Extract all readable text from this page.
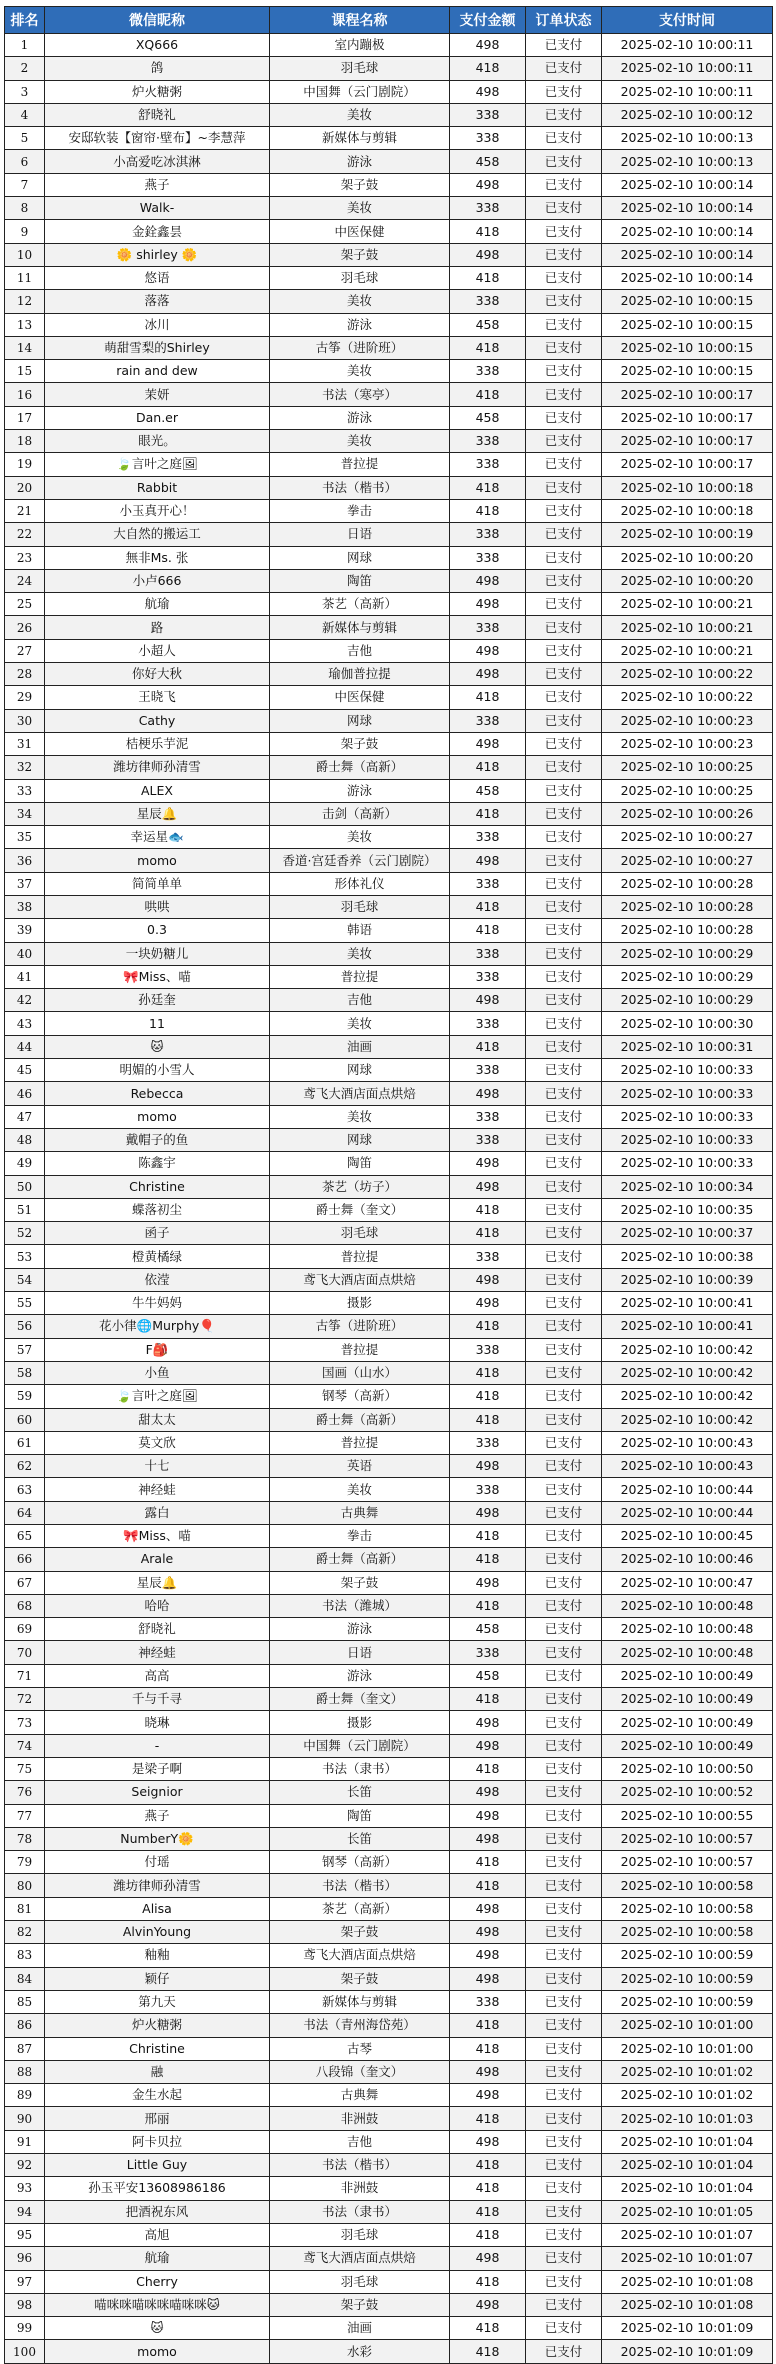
排名	微信昵称	课程名称	支付金额	订单状态	支付时间
1	XQ666	室内蹦极	498	已支付	2025-02-10 10:00:11
2	鸽	羽毛球	418	已支付	2025-02-10 10:00:11
3	炉火糖粥	中国舞（云门剧院）	498	已支付	2025-02-10 10:00:11
4	舒晓礼	美妆	338	已支付	2025-02-10 10:00:12
5	安邸软装【窗帘·壁布】~李慧萍	新媒体与剪辑	338	已支付	2025-02-10 10:00:13
6	小高爱吃冰淇淋	游泳	458	已支付	2025-02-10 10:00:13
7	燕子	架子鼓	498	已支付	2025-02-10 10:00:14
8	Walk-	美妆	338	已支付	2025-02-10 10:00:14
9	金銓鑫昙	中医保健	418	已支付	2025-02-10 10:00:14
10	🌼 shirley 🌼	架子鼓	498	已支付	2025-02-10 10:00:14
11	悠语	羽毛球	418	已支付	2025-02-10 10:00:14
12	落落	美妆	338	已支付	2025-02-10 10:00:15
13	冰川	游泳	458	已支付	2025-02-10 10:00:15
14	萌甜雪梨的Shirley	古筝（进阶班）	418	已支付	2025-02-10 10:00:15
15	rain and dew	美妆	338	已支付	2025-02-10 10:00:15
16	茉妍	书法（寒亭）	418	已支付	2025-02-10 10:00:17
17	Dan.er	游泳	458	已支付	2025-02-10 10:00:17
18	眼光。	美妆	338	已支付	2025-02-10 10:00:17
19	🍃言叶之庭🖼	普拉提	338	已支付	2025-02-10 10:00:17
20	Rabbit	书法（楷书）	418	已支付	2025-02-10 10:00:18
21	小玉真开心！	拳击	418	已支付	2025-02-10 10:00:18
22	大自然的搬运工	日语	338	已支付	2025-02-10 10:00:19
23	無非Ms. 张	网球	338	已支付	2025-02-10 10:00:20
24	小卢666	陶笛	498	已支付	2025-02-10 10:00:20
25	航瑜	茶艺（高新）	498	已支付	2025-02-10 10:00:21
26	路	新媒体与剪辑	338	已支付	2025-02-10 10:00:21
27	小超人	吉他	498	已支付	2025-02-10 10:00:21
28	你好大秋	瑜伽普拉提	498	已支付	2025-02-10 10:00:22
29	王晓飞	中医保健	418	已支付	2025-02-10 10:00:22
30	Cathy	网球	338	已支付	2025-02-10 10:00:23
31	桔梗乐芋泥	架子鼓	498	已支付	2025-02-10 10:00:23
32	潍坊律师孙清雪	爵士舞（高新）	418	已支付	2025-02-10 10:00:25
33	ALEX	游泳	458	已支付	2025-02-10 10:00:25
34	星辰🔔	击剑（高新）	418	已支付	2025-02-10 10:00:26
35	幸运星🐟	美妆	338	已支付	2025-02-10 10:00:27
36	momo	香道·宫廷香养（云门剧院）	498	已支付	2025-02-10 10:00:27
37	简简单单	形体礼仪	338	已支付	2025-02-10 10:00:28
38	哄哄	羽毛球	418	已支付	2025-02-10 10:00:28
39	0.3	韩语	418	已支付	2025-02-10 10:00:28
40	一块奶糖儿	美妆	338	已支付	2025-02-10 10:00:29
41	🎀Miss、喵	普拉提	338	已支付	2025-02-10 10:00:29
42	孙廷奎	吉他	498	已支付	2025-02-10 10:00:29
43	11	美妆	338	已支付	2025-02-10 10:00:30
44	🐱	油画	418	已支付	2025-02-10 10:00:31
45	明媚的小雪人	网球	338	已支付	2025-02-10 10:00:33
46	Rebecca	鸢飞大酒店面点烘焙	498	已支付	2025-02-10 10:00:33
47	momo	美妆	338	已支付	2025-02-10 10:00:33
48	戴帽子的鱼	网球	338	已支付	2025-02-10 10:00:33
49	陈鑫宇	陶笛	498	已支付	2025-02-10 10:00:33
50	Christine	茶艺（坊子）	498	已支付	2025-02-10 10:00:34
51	蝶落初尘	爵士舞（奎文）	418	已支付	2025-02-10 10:00:35
52	函子	羽毛球	418	已支付	2025-02-10 10:00:37
53	橙黄橘绿	普拉提	338	已支付	2025-02-10 10:00:38
54	依滢	鸢飞大酒店面点烘焙	498	已支付	2025-02-10 10:00:39
55	牛牛妈妈	摄影	498	已支付	2025-02-10 10:00:41
56	花小律🌐Murphy🎈	古筝（进阶班）	418	已支付	2025-02-10 10:00:41
57	F🎒	普拉提	338	已支付	2025-02-10 10:00:42
58	小鱼	国画（山水）	418	已支付	2025-02-10 10:00:42
59	🍃言叶之庭🖼	钢琴（高新）	418	已支付	2025-02-10 10:00:42
60	甜太太	爵士舞（高新）	418	已支付	2025-02-10 10:00:42
61	莫文欣	普拉提	338	已支付	2025-02-10 10:00:43
62	十七	英语	498	已支付	2025-02-10 10:00:43
63	神经蛙	美妆	338	已支付	2025-02-10 10:00:44
64	露白	古典舞	498	已支付	2025-02-10 10:00:44
65	🎀Miss、喵	拳击	418	已支付	2025-02-10 10:00:45
66	Arale	爵士舞（高新）	418	已支付	2025-02-10 10:00:46
67	星辰🔔	架子鼓	498	已支付	2025-02-10 10:00:47
68	哈哈	书法（潍城）	418	已支付	2025-02-10 10:00:48
69	舒晓礼	游泳	458	已支付	2025-02-10 10:00:48
70	神经蛙	日语	338	已支付	2025-02-10 10:00:48
71	高高	游泳	458	已支付	2025-02-10 10:00:49
72	千与千寻	爵士舞（奎文）	418	已支付	2025-02-10 10:00:49
73	晓琳	摄影	498	已支付	2025-02-10 10:00:49
74	-	中国舞（云门剧院）	498	已支付	2025-02-10 10:00:49
75	是梁子啊	书法（隶书）	418	已支付	2025-02-10 10:00:50
76	Seignior	长笛	498	已支付	2025-02-10 10:00:52
77	燕子	陶笛	498	已支付	2025-02-10 10:00:55
78	NumberY🌼	长笛	498	已支付	2025-02-10 10:00:57
79	付瑶	钢琴（高新）	418	已支付	2025-02-10 10:00:57
80	潍坊律师孙清雪	书法（楷书）	418	已支付	2025-02-10 10:00:58
81	Alisa	茶艺（高新）	498	已支付	2025-02-10 10:00:58
82	AlvinYoung	架子鼓	498	已支付	2025-02-10 10:00:58
83	釉釉	鸢飞大酒店面点烘焙	498	已支付	2025-02-10 10:00:59
84	颖仔	架子鼓	498	已支付	2025-02-10 10:00:59
85	第九天	新媒体与剪辑	338	已支付	2025-02-10 10:00:59
86	炉火糖粥	书法（青州海岱苑）	418	已支付	2025-02-10 10:01:00
87	Christine	古琴	418	已支付	2025-02-10 10:01:00
88	融	八段锦（奎文）	498	已支付	2025-02-10 10:01:02
89	金生水起	古典舞	498	已支付	2025-02-10 10:01:02
90	邢丽	非洲鼓	418	已支付	2025-02-10 10:01:03
91	阿卡贝拉	吉他	498	已支付	2025-02-10 10:01:04
92	Little Guy	书法（楷书）	418	已支付	2025-02-10 10:01:04
93	孙玉平安13608986186	非洲鼓	418	已支付	2025-02-10 10:01:04
94	把酒祝东风	书法（隶书）	418	已支付	2025-02-10 10:01:05
95	高旭	羽毛球	418	已支付	2025-02-10 10:01:07
96	航瑜	鸢飞大酒店面点烘焙	498	已支付	2025-02-10 10:01:07
97	Cherry	羽毛球	418	已支付	2025-02-10 10:01:08
98	喵咪咪喵咪咪喵咪咪🐱	架子鼓	498	已支付	2025-02-10 10:01:08
99	🐱	油画	418	已支付	2025-02-10 10:01:09
100	momo	水彩	418	已支付	2025-02-10 10:01:09
